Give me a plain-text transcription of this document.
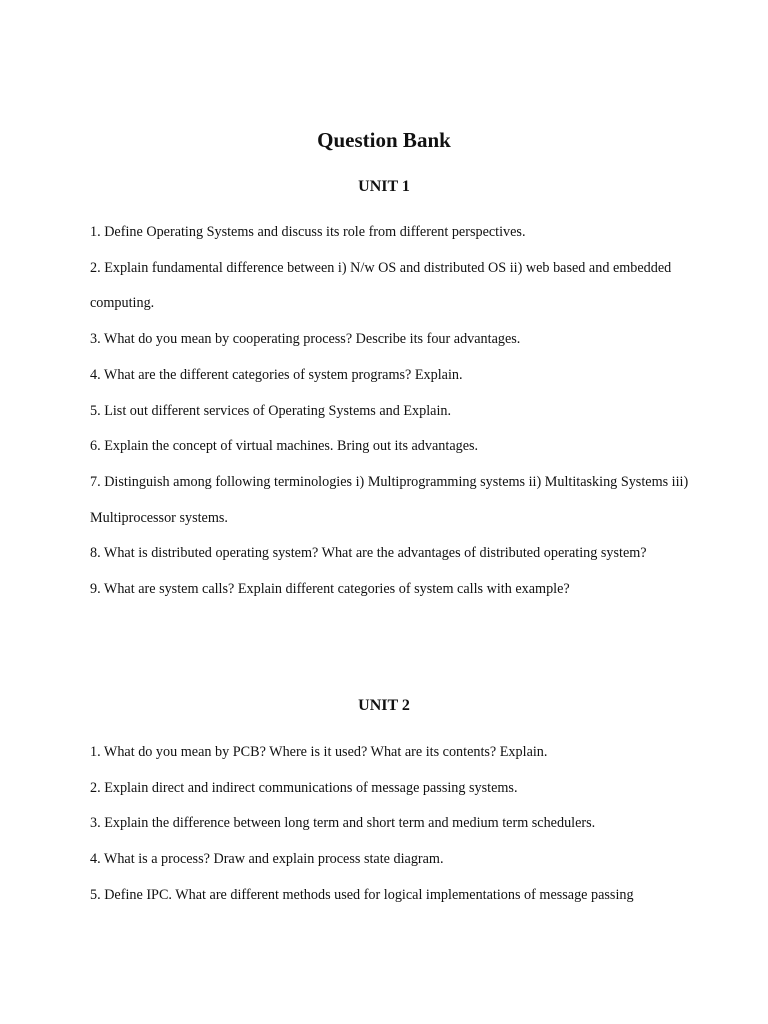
Question Bank
UNIT 1
1. Define Operating Systems and discuss its role from different perspectives.
2. Explain fundamental difference between i) N/w OS and distributed OS ii) web based and embedded computing.
3. What do you mean by cooperating process? Describe its four advantages.
4. What are the different categories of system programs? Explain.
5. List out different services of Operating Systems and Explain.
6. Explain the concept of virtual machines. Bring out its advantages.
7. Distinguish among following terminologies i) Multiprogramming systems ii) Multitasking Systems iii) Multiprocessor systems.
8. What is distributed operating system? What are the advantages of distributed operating system?
9. What are system calls? Explain different categories of system calls with example?
UNIT 2
1. What do you mean by PCB? Where is it used? What are its contents? Explain.
2. Explain direct and indirect communications of message passing systems.
3. Explain the difference between long term and short term and medium term schedulers.
4. What is a process? Draw and explain process state diagram.
5. Define IPC. What are different methods used for logical implementations of message passing
